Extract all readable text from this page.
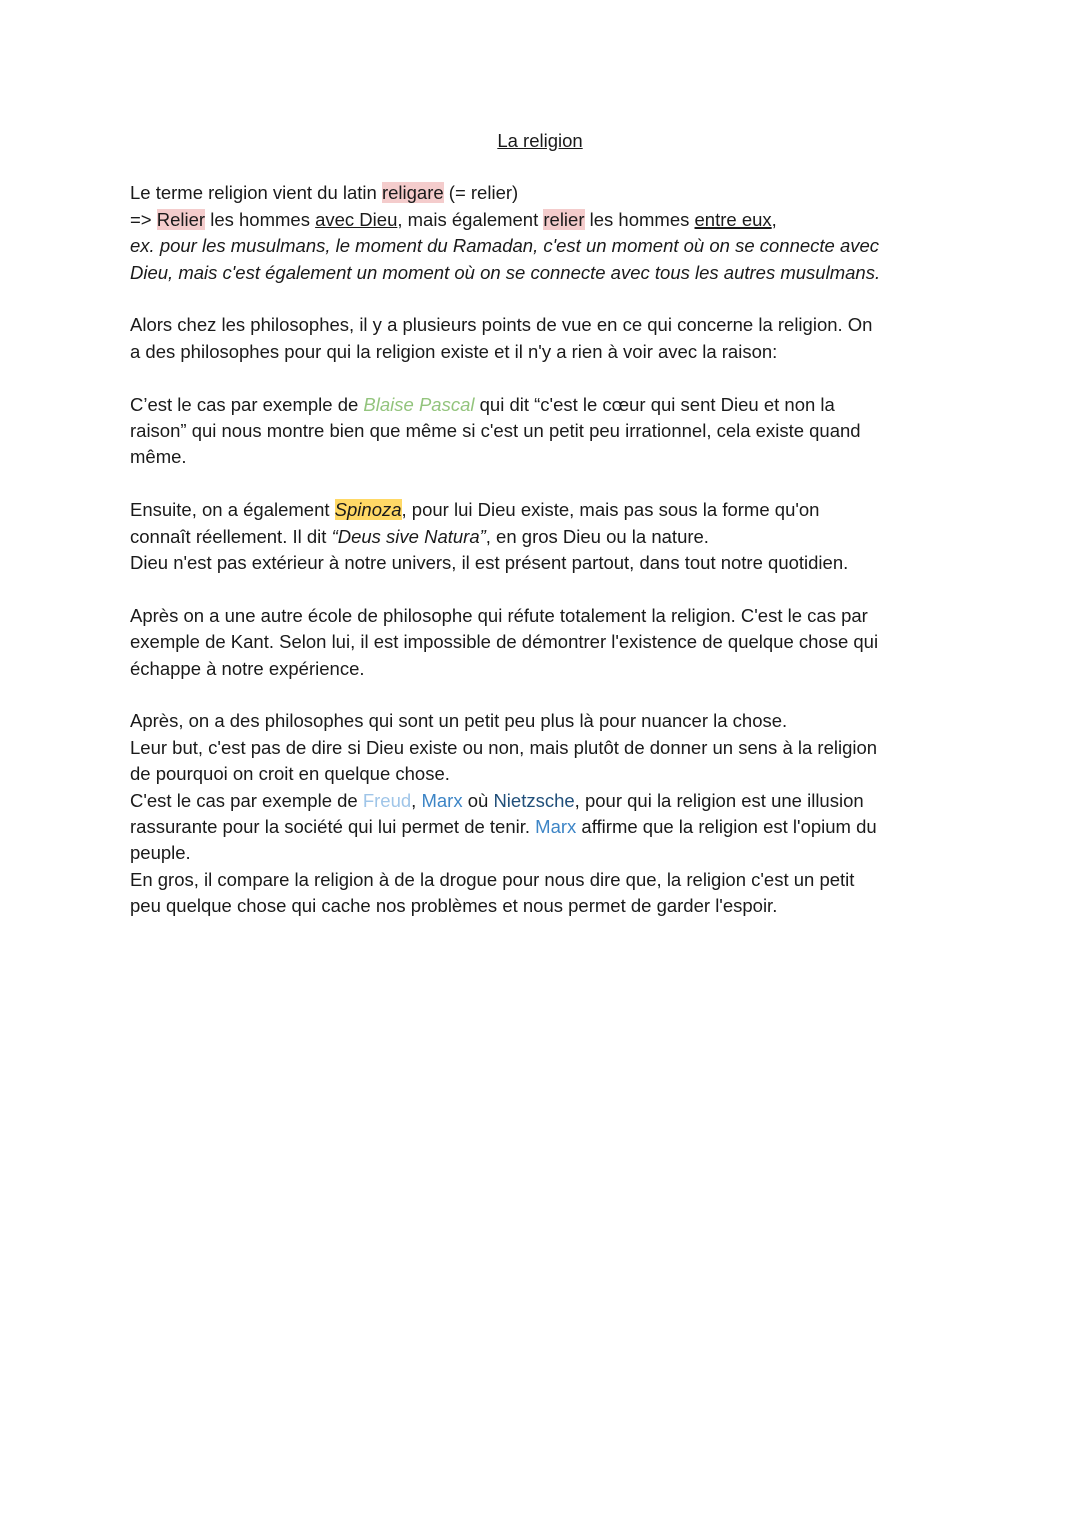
La religion
Le terme religion vient du latin religare (= relier)
=> Relier les hommes avec Dieu, mais également relier les hommes entre eux,
ex. pour les musulmans, le moment du Ramadan, c'est un moment où on se connecte avec
Dieu, mais c'est également un moment où on se connecte avec tous les autres musulmans.
Alors chez les philosophes, il y a plusieurs points de vue en ce qui concerne la religion. On
a des philosophes pour qui la religion existe et il n'y a rien à voir avec la raison:
C’est le cas par exemple de Blaise Pascal qui dit “c'est le cœur qui sent Dieu et non la
raison” qui nous montre bien que même si c'est un petit peu irrationnel, cela existe quand
même.
Ensuite, on a également Spinoza, pour lui Dieu existe, mais pas sous la forme qu'on
connaît réellement. Il dit “Deus sive Natura”, en gros Dieu ou la nature.
Dieu n'est pas extérieur à notre univers, il est présent partout, dans tout notre quotidien.
Après on a une autre école de philosophe qui réfute totalement la religion. C'est le cas par
exemple de Kant. Selon lui, il est impossible de démontrer l'existence de quelque chose qui
échappe à notre expérience.
Après, on a des philosophes qui sont un petit peu plus là pour nuancer la chose.
Leur but, c'est pas de dire si Dieu existe ou non, mais plutôt de donner un sens à la religion
de pourquoi on croit en quelque chose.
C'est le cas par exemple de Freud, Marx où Nietzsche, pour qui la religion est une illusion
rassurante pour la société qui lui permet de tenir. Marx affirme que la religion est l'opium du
peuple.
En gros, il compare la religion à de la drogue pour nous dire que, la religion c'est un petit
peu quelque chose qui cache nos problèmes et nous permet de garder l'espoir.
